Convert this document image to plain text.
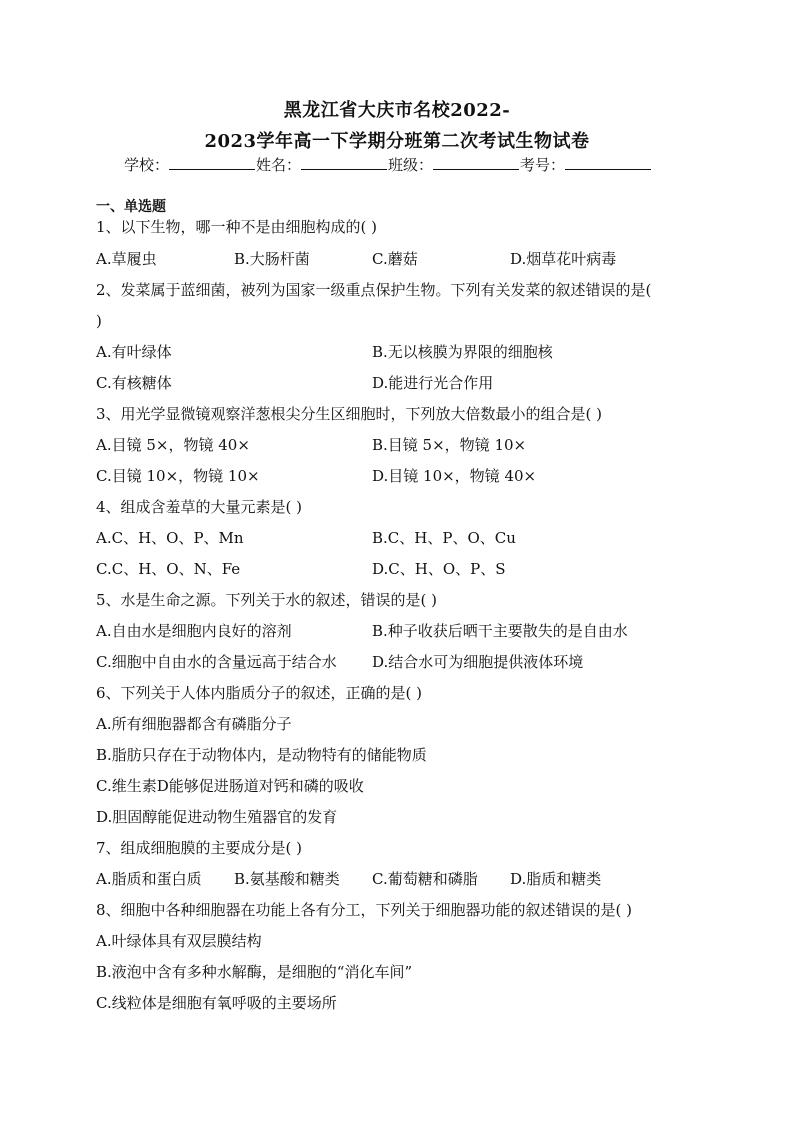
黑龙江省大庆市名校2022-
2023学年高一下学期分班第二次考试生物试卷
学校：	姓名：	班级：	考号：
一、单选题
1、以下生物，哪一种不是由细胞构成的( )
A.草履虫	B.大肠杆菌	C.蘑菇	D.烟草花叶病毒
2、发菜属于蓝细菌，被列为国家一级重点保护生物。下列有关发菜的叙述错误的是(
)
A.有叶绿体	B.无以核膜为界限的细胞核
C.有核糖体	D.能进行光合作用
3、用光学显微镜观察洋葱根尖分生区细胞时，下列放大倍数最小的组合是( )
A.目镜 5×，物镜 40×	B.目镜 5×，物镜 10×
C.目镜 10×，物镜 10×	D.目镜 10×，物镜 40×
4、组成含羞草的大量元素是( )
A.C、H、O、P、Mn	B.C、H、P、O、Cu
C.C、H、O、N、Fe	D.C、H、O、P、S
5、水是生命之源。下列关于水的叙述，错误的是( )
A.自由水是细胞内良好的溶剂	B.种子收获后晒干主要散失的是自由水
C.细胞中自由水的含量远高于结合水 D.结合水可为细胞提供液体环境
6、下列关于人体内脂质分子的叙述，正确的是( )
A.所有细胞器都含有磷脂分子
B.脂肪只存在于动物体内，是动物特有的储能物质
C.维生素D能够促进肠道对钙和磷的吸收
D.胆固醇能促进动物生殖器官的发育
7、组成细胞膜的主要成分是( )
A.脂质和蛋白质 B.氨基酸和糖类 C.葡萄糖和磷脂 D.脂质和糖类
8、细胞中各种细胞器在功能上各有分工，下列关于细胞器功能的叙述错误的是( )
A.叶绿体具有双层膜结构
B.液泡中含有多种水解酶，是细胞的“消化车间”
C.线粒体是细胞有氧呼吸的主要场所
